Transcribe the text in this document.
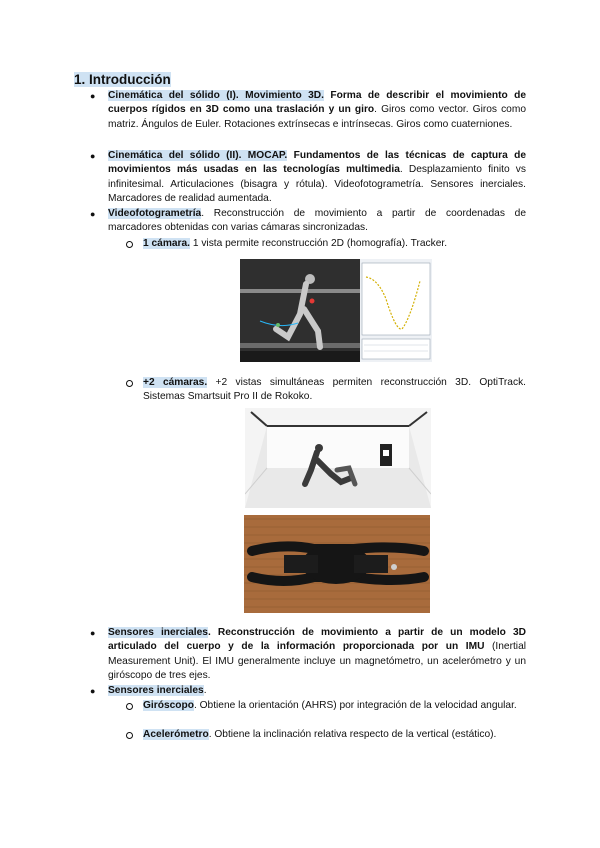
1. Introducción
● Cinemática del sólido (I). Movimiento 3D. Forma de describir el movimiento de cuerpos rígidos en 3D como una traslación y un giro. Giros como vector. Giros como matriz. Ángulos de Euler. Rotaciones extrínsecas e intrínsecas. Giros como cuaterniones.
● Cinemática del sólido (II). MOCAP. Fundamentos de las técnicas de captura de movimientos más usadas en las tecnologías multimedia. Desplazamiento finito vs infinitesimal. Articulaciones (bisagra y rótula). Videofotogrametría. Sensores inerciales. Marcadores de realidad aumentada.
● Videofotogrametría. Reconstrucción de movimiento a partir de coordenadas de marcadores obtenidas con varias cámaras sincronizadas.
1 cámara. 1 vista permite reconstrucción 2D (homografía). Tracker.
+2 cámaras. +2 vistas simultáneas permiten reconstrucción 3D. OptiTrack. Sistemas Smartsuit Pro II de Rokoko.
● Sensores inerciales. Reconstrucción de movimiento a partir de un modelo 3D articulado del cuerpo y de la información proporcionada por un IMU (Inertial Measurement Unit). El IMU generalmente incluye un magnetómetro, un acelerómetro y un giróscopo de tres ejes.
● Sensores inerciales.
Giróscopo. Obtiene la orientación (AHRS) por integración de la velocidad angular.
Acelerómetro. Obtiene la inclinación relativa respecto de la vertical (estático).
